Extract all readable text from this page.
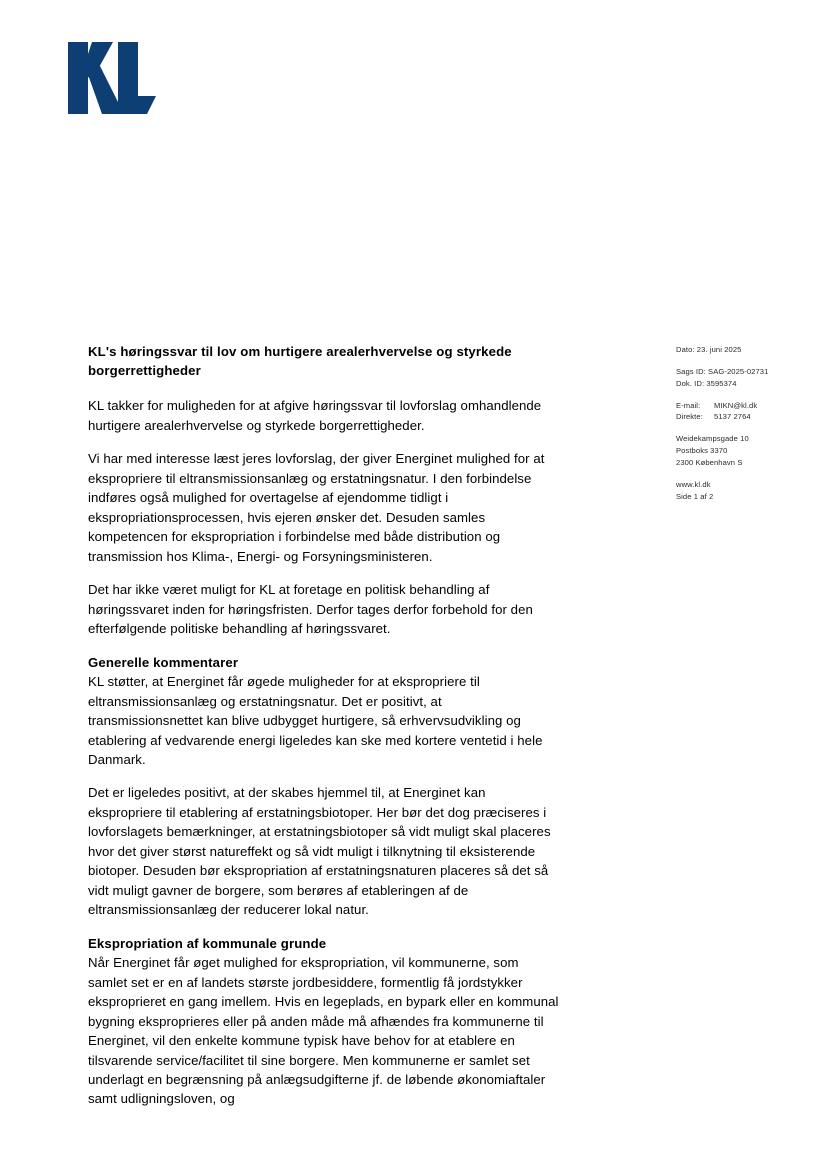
KL's høringssvar til lov om hurtigere arealerhvervelse og styrkede borgerrettigheder

KL takker for muligheden for at afgive høringssvar til lovforslag omhandlende hurtigere arealerhvervelse og styrkede borgerrettigheder.

Vi har med interesse læst jeres lovforslag, der giver Energinet mulighed for at ekspropriere til eltransmissionsanlæg og erstatningsnatur. I den forbindelse indføres også mulighed for overtagelse af ejendomme tidligt i ekspropriationsprocessen, hvis ejeren ønsker det. Desuden samles kompetencen for ekspropriation i forbindelse med både distribution og transmission hos Klima-, Energi- og Forsyningsministeren.

Det har ikke været muligt for KL at foretage en politisk behandling af høringssvaret inden for høringsfristen. Derfor tages derfor forbehold for den efterfølgende politiske behandling af høringssvaret.

Generelle kommentarer

KL støtter, at Energinet får øgede muligheder for at ekspropriere til eltransmissionsanlæg og erstatningsnatur. Det er positivt, at transmissionsnettet kan blive udbygget hurtigere, så erhvervsudvikling og etablering af vedvarende energi ligeledes kan ske med kortere ventetid i hele Danmark.

Det er ligeledes positivt, at der skabes hjemmel til, at Energinet kan ekspropriere til etablering af erstatningsbiotoper. Her bør det dog præciseres i lovforslagets bemærkninger, at erstatningsbiotoper så vidt muligt skal placeres hvor det giver størst natureffekt og så vidt muligt i tilknytning til eksisterende biotoper. Desuden bør ekspropriation af erstatningsnaturen placeres så det så vidt muligt gavner de borgere, som berøres af etableringen af de eltransmissionsanlæg der reducerer lokal natur.

Ekspropriation af kommunale grunde

Når Energinet får øget mulighed for ekspropriation, vil kommunerne, som samlet set er en af landets største jordbesiddere, formentlig få jordstykker eksproprieret en gang imellem. Hvis en legeplads, en bypark eller en kommunal bygning eksproprieres eller på anden måde må afhændes fra kommunerne til Energinet, vil den enkelte kommune typisk have behov for at etablere en tilsvarende service/facilitet til sine borgere. Men kommunerne er samlet set underlagt en begrænsning på anlægsudgifterne jf. de løbende økonomiaftaler samt udligningsloven, og

Dato: 23. juni 2025
Sags ID: SAG-2025-02731
Dok. ID: 3595374
E-mail: MIKN@kl.dk
Direkte: 5137 2764
Weidekampsgade 10
Postboks 3370
2300 København S
www.kl.dk
Side 1 af 2
